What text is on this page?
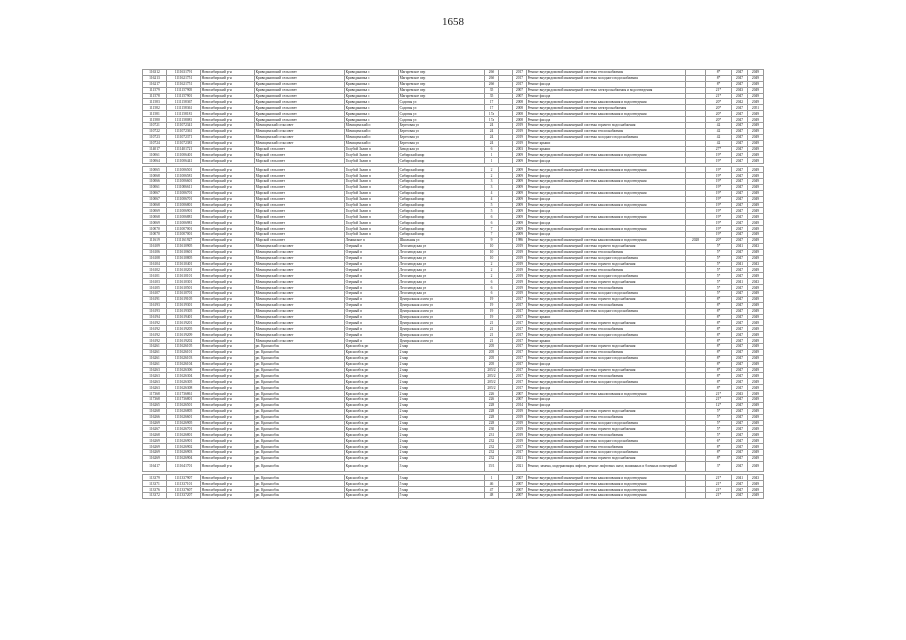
1658
116312	1111631791	Новосибирский р-н	Криводановский сельсовет	Криводановка с	Магаревское пер	26б		2017	Ремонт внутридомовой инженерной системы теплоснабжения		8*	2047	2049
116213	1111621751	Новосибирский р-н	Криводановский сельсовет	Криводановка с	Магаревское пер	26б		2017	Ремонт внутридомовой инженерной системы холодного водоснабжения		8*	2047	2049
116217	1111621751	Новосибирский р-н	Криводановский сельсовет	Криводановка с	Магаревское пер	26б		2017	Ремонт фасада		8*	2047	2049
111579	1111157905	Новосибирский р-н	Криводановский сельсовет	Криводановка с	Магаревское пер	35		2007	Ремонт внутридомовой инженерной системы электроснабжения и водоотведения		21*	2043	2049
111578	1111157901	Новосибирский р-н	Криводановский сельсовет	Криводановка с	Магаревское пер	35		2007	Ремонт фасада		21*	2047	2049
111583	1111158367	Новосибирский р-н	Криводановский сельсовет	Криводановка с	Садовая ул	17		2008	Ремонт внутридомовой инженерной системы канализования и водоотведения		20*	2042	2049
111582	1111158361	Новосибирский р-н	Криводановский сельсовет	Криводановка с	Садовая ул	17		2008	Ремонт внутридомовой инженерной системы электроснабжения		20*	2047	2051
111581	1111158181	Новосибирский р-н	Криводановский сельсовет	Криводановка с	Садовая ул	17а		2008	Ремонт внутридомовой инженерной системы канализования и водоотведения		20*	2047	2049
111580	1111158081	Новосибирский р-н	Криводановский сельсовет	Криводановка с	Садовая ул	17а		2008	Ремонт фасада		20*	2047	2049
110721	1111072341	Новосибирский р-н	Мочищенский сельсовет	Мочищенский п	Береговая ул	24		2019	Ремонт внутридомовой инженерной системы горячего водоснабжения		42	2047	2049
110722	1111072361	Новосибирский р-н	Мочищенский сельсовет	Мочищенский п	Береговая ул	24		2019	Ремонт внутридомовой инженерной системы теплоснабжения		42	2047	2049
110723	1111072371	Новосибирский р-н	Мочищенский сельсовет	Мочищенский п	Береговая ул	24		2019	Ремонт внутридомовой инженерной системы холодного водоснабжения		42	2047	2049
110724	1111072381	Новосибирский р-н	Мочищенский сельсовет	Мочищенский п	Береговая ул	24		2019	Ремонт крыши		42	2047	2049
114017	1111401721	Новосибирский р-н	Морской сельсовет	Голубой Залив п	Заводская ул	6		2003	Ремонт крыши		27*	2047	2049
110061	1111006401	Новосибирский р-н	Морской сельсовет	Голубой Залив п	Сибирский квар	1		2009	Ремонт внутридомовой инженерной системы канализования и водоотведения		19*	2047	2049
110064	1111006441	Новосибирский р-н	Морской сельсовет	Голубой Залив п	Сибирский квар	1		2009	Ремонт фасада		19*	2047	2049

110065	1111006501	Новосибирский р-н	Морской сельсовет	Голубой Залив п	Сибирский квар	2		2009	Ремонт внутридомовой инженерной системы канализования и водоотведения		19*	2047	2049
110068	1111006581	Новосибирский р-н	Морской сельсовет	Голубой Залив п	Сибирский квар	2		2009	Ремонт фасада		19*	2047	2049
110066	1111006601	Новосибирский р-н	Морской сельсовет	Голубой Залив п	Сибирский квар	3		2009	Ремонт внутридомовой инженерной системы канализования и водоотведения		19*	2047	2049
110061	1111006611	Новосибирский р-н	Морской сельсовет	Голубой Залив п	Сибирский квар	3		2009	Ремонт фасада		19*	2047	2049
110067	1111006701	Новосибирский р-н	Морской сельсовет	Голубой Залив п	Сибирский квар	4		2009	Ремонт внутридомовой инженерной системы канализования и водоотведения		19*	2047	2049
110067	1111006701	Новосибирский р-н	Морской сельсовет	Голубой Залив п	Сибирский квар	4		2009	Ремонт фасада		19*	2047	2049
110068	1111006801	Новосибирский р-н	Морской сельсовет	Голубой Залив п	Сибирский квар	5		2009	Ремонт внутридомовой инженерной системы канализования и водоотведения		19*	2047	2049
110069	1111006901	Новосибирский р-н	Морской сельсовет	Голубой Залив п	Сибирский квар	5		2009	Ремонт фасада		19*	2047	2049
110068	1111006881	Новосибирский р-н	Морской сельсовет	Голубой Залив п	Сибирский квар	6		2009	Ремонт внутридомовой инженерной системы канализования и водоотведения		19*	2047	2049
110069	1111006981	Новосибирский р-н	Морской сельсовет	Голубой Залив п	Сибирский квар	6		2009	Ремонт фасада		19*	2047	2049
110070	1111007001	Новосибирский р-н	Морской сельсовет	Голубой Залив п	Сибирский квар	7		2009	Ремонт внутридомовой инженерной системы канализования и водоотведения		19*	2047	2049
110070	1111007001	Новосибирский р-н	Морской сельсовет	Голубой Залив п	Сибирский квар	7		2009	Ремонт фасада		19*	2047	2049
111619	1111161927	Новосибирский р-н	Морской сельсовет	Ленинское п	Школьная ул	9		1986	Ремонт внутридомовой инженерной системы канализования и водоотведения	2028	20*	2047	2049
116109	1111610905	Новосибирский р-н	Мочищенский сельсовет	Озерный п	Лесозаводская ул	10		2019	Ремонт внутридомовой инженерной системы горячего водоснабжения		5*	2041	2043
116106	1111610601	Новосибирский р-н	Мочищенский сельсовет	Озерный п	Лесозаводская ул	10		2019	Ремонт внутридомовой инженерной системы теплоснабжения		5*	2047	2049
116108	1111610805	Новосибирский р-н	Мочищенский сельсовет	Озерный п	Лесозаводская ул	10		2019	Ремонт внутридомовой инженерной системы холодного водоснабжения		5*	2047	2049
116104	1111610401	Новосибирский р-н	Мочищенский сельсовет	Озерный п	Лесозаводская ул	2		2019	Ремонт внутридомовой инженерной системы горячего водоснабжения		5*	2041	2043
116102	1111610201	Новосибирский р-н	Мочищенский сельсовет	Озерный п	Лесозаводская ул	2		2019	Ремонт внутридомовой инженерной системы теплоснабжения		5*	2047	2049
116101	1111610101	Новосибирский р-н	Мочищенский сельсовет	Озерный п	Лесозаводская ул	2		2019	Ремонт внутридомовой инженерной системы холодного водоснабжения		5*	2047	2049
116103	1111610301	Новосибирский р-н	Мочищенский сельсовет	Озерный п	Лесозаводская ул	6		2019	Ремонт внутридомовой инженерной системы горячего водоснабжения		5*	2041	2043
116105	1111610501	Новосибирский р-н	Мочищенский сельсовет	Озерный п	Лесозаводская ул	6		2019	Ремонт внутридомовой инженерной системы теплоснабжения		5*	2047	2049
116107	1111610701	Новосибирский р-н	Мочищенский сельсовет	Озерный п	Лесозаводская ул	6		2019	Ремонт внутридомовой инженерной системы холодного водоснабжения		5*	2047	2049
116191	1111619105	Новосибирский р-н	Мочищенский сельсовет	Озерный п	Центральная аллея ул	19		2017	Ремонт внутридомовой инженерной системы горячего водоснабжения		8*	2047	2049
116193	1111619301	Новосибирский р-н	Мочищенский сельсовет	Озерный п	Центральная аллея ул	19		2017	Ремонт внутридомовой инженерной системы теплоснабжения		8*	2047	2049
116193	1111619305	Новосибирский р-н	Мочищенский сельсовет	Озерный п	Центральная аллея ул	19		2017	Ремонт внутридомовой инженерной системы холодного водоснабжения		8*	2047	2049
116194	1111619401	Новосибирский р-н	Мочищенский сельсовет	Озерный п	Центральная аллея ул	19		2017	Ремонт крыши		8*	2047	2049
116192	1111619201	Новосибирский р-н	Мочищенский сельсовет	Озерный п	Центральная аллея ул	21		2017	Ремонт внутридомовой инженерной системы горячего водоснабжения		8*	2047	2049
116192	1111619205	Новосибирский р-н	Мочищенский сельсовет	Озерный п	Центральная аллея ул	21		2017	Ремонт внутридомовой инженерной системы теплоснабжения		8*	2047	2049
116192	1111619209	Новосибирский р-н	Мочищенский сельсовет	Озерный п	Центральная аллея ул	21		2017	Ремонт внутридомовой инженерной системы холодного водоснабжения		8*	2047	2049
116192	1111619202	Новосибирский р-н	Мочищенский сельсовет	Озерный п	Центральная аллея ул	21		2017	Ремонт крыши		8*	2047	2049
116261	1111626105	Новосибирский р-н	рп. Краснообск	Краснообск рп	2 мкр	205		2017	Ремонт внутридомовой инженерной системы горячего водоснабжения		8*	2047	2049
116261	1111626101	Новосибирский р-н	рп. Краснообск	Краснообск рп	2 мкр	205		2017	Ремонт внутридомовой инженерной системы теплоснабжения		8*	2047	2049
116261	1111626103	Новосибирский р-н	рп. Краснообск	Краснообск рп	2 мкр	205		2017	Ремонт внутридомовой инженерной системы холодного водоснабжения		8*	2047	2049
116261	1111626104	Новосибирский р-н	рп. Краснообск	Краснообск рп	2 мкр	205		2017	Ремонт фасада		8*	2047	2049
116263	1111626306	Новосибирский р-н	рп. Краснообск	Краснообск рп	2 мкр	205/2		2017	Ремонт внутридомовой инженерной системы горячего водоснабжения		8*	2047	2049
116263	1111626304	Новосибирский р-н	рп. Краснообск	Краснообск рп	2 мкр	205/2		2017	Ремонт внутридомовой инженерной системы теплоснабжения		8*	2047	2049
116263	1111626305	Новосибирский р-н	рп. Краснообск	Краснообск рп	2 мкр	205/2		2017	Ремонт внутридомовой инженерной системы холодного водоснабжения		8*	2047	2049
116263	1111626308	Новосибирский р-н	рп. Краснообск	Краснообск рп	2 мкр	205/2		2017	Ремонт фасада		8*	2047	2049
117368	1111736861	Новосибирский р-н	рп. Краснообск	Краснообск рп	2 мкр	226		2007	Ремонт внутридомовой инженерной системы канализования и водоотведения		21*	2043	2049
117368	1111736801	Новосибирский р-н	рп. Краснообск	Краснообск рп	2 мкр	226		2007	Ремонт фасада		21*	2047	2049
116265	1111626501	Новосибирский р-н	рп. Краснообск	Краснообск рп	2 мкр	228		2014	Ремонт фасада		12*	2047	2049
116268	1111626805	Новосибирский р-н	рп. Краснообск	Краснообск рп	2 мкр	228		2019	Ремонт внутридомовой инженерной системы горячего водоснабжения		5*	2047	2049
116266	1111626601	Новосибирский р-н	рп. Краснообск	Краснообск рп	2 мкр	228		2019	Ремонт внутридомовой инженерной системы теплоснабжения		5*	2047	2049
116269	1111626905	Новосибирский р-н	рп. Краснообск	Краснообск рп	2 мкр	228		2019	Ремонт внутридомовой инженерной системы холодного водоснабжения		5*	2047	2049
116267	1111626701	Новосибирский р-н	рп. Краснообск	Краснообск рп	2 мкр	230		2019	Ремонт внутридомовой инженерной системы горячего водоснабжения		5*	2047	2049
116268	1111626801	Новосибирский р-н	рп. Краснообск	Краснообск рп	2 мкр	231		2019	Ремонт внутридомовой инженерной системы теплоснабжения		5*	2047	2049
116269	1111626901	Новосибирский р-н	рп. Краснообск	Краснообск рп	2 мкр	232		2019	Ремонт внутридомовой инженерной системы холодного водоснабжения		6*	2047	2049
116269	1111626902	Новосибирский р-н	рп. Краснообск	Краснообск рп	2 мкр	232		2017	Ремонт внутридомовой инженерной системы теплоснабжения		8*	2047	2049
116269	1111626903	Новосибирский р-н	рп. Краснообск	Краснообск рп	2 мкр	232		2017	Ремонт внутридомовой инженерной системы холодного водоснабжения		8*	2047	2049
116269	1111626904	Новосибирский р-н	рп. Краснообск	Краснообск рп	2 мкр	232		2021	Ремонт внутридомовой инженерной системы горячего водоснабжения		8*	2047	2049
116417	1111641701	Новосибирский р-н	рп. Краснообск	Краснообск рп	3 мкр	15/1		2021	Ремонт, замена, модернизация лифтов, ремонт лифтовых шахт, машинных и блочных помещений		3*	2047	2049

113379	1111337907	Новосибирский р-н	рп. Краснообск	Краснообск рп	3 мкр	1		2007	Ремонт внутридомовой инженерной системы канализования и водоотведения		21*	2041	2043
113371	1111337101	Новосибирский р-н	рп. Краснообск	Краснообск рп	5 мкр	46		2007	Ремонт внутридомовой инженерной системы канализования и водоотведения		21*	2047	2049
113376	1111337607	Новосибирский р-н	рп. Краснообск	Краснообск рп	5 мкр	47		2007	Ремонт внутридомовой инженерной системы канализования и водоотведения		21*	2047	2049
113372	1111337207	Новосибирский р-н	рп. Краснообск	Краснообск рп	5 мкр	48		2007	Ремонт внутридомовой инженерной системы канализования и водоотведения		21*	2047	2049
